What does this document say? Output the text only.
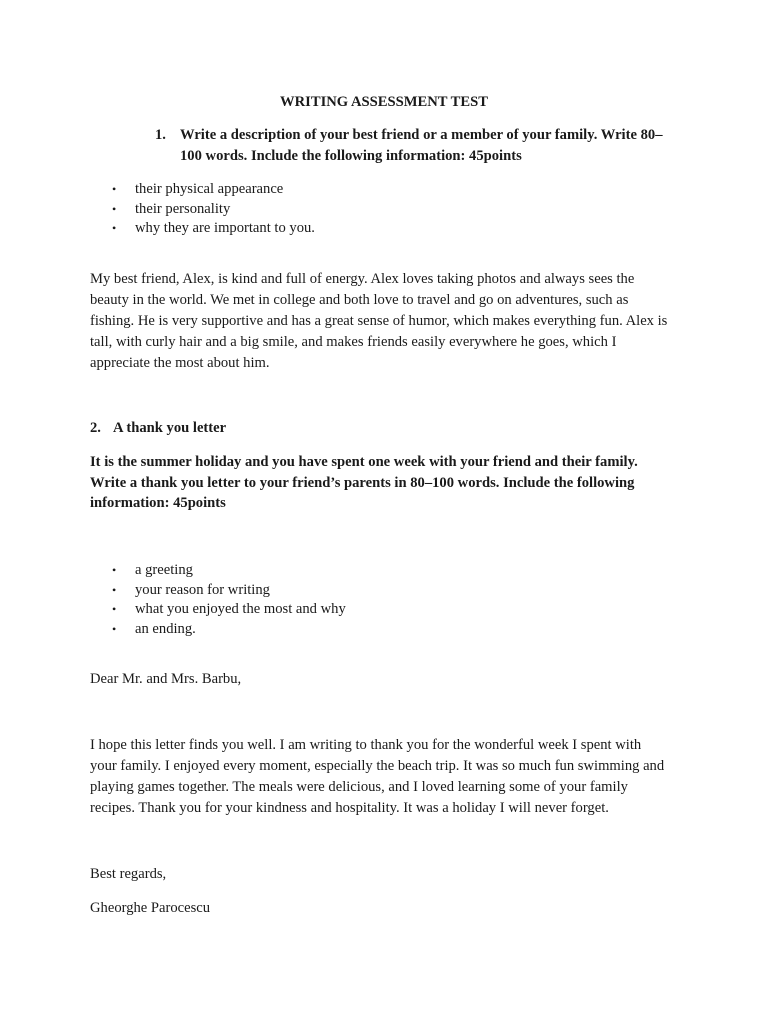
WRITING ASSESSMENT TEST
1. Write a description of your best friend or a member of your family. Write 80–100 words. Include the following information: 45points
• their physical appearance
• their personality
• why they are important to you.
My best friend, Alex, is kind and full of energy. Alex loves taking photos and always sees the beauty in the world. We met in college and both love to travel and go on adventures, such as fishing. He is very supportive and has a great sense of humor, which makes everything fun. Alex is tall, with curly hair and a big smile, and makes friends easily everywhere he goes, which I appreciate the most about him.
2. A thank you letter
It is the summer holiday and you have spent one week with your friend and their family. Write a thank you letter to your friend’s parents in 80–100 words. Include the following information: 45points
• a greeting
• your reason for writing
• what you enjoyed the most and why
• an ending.
Dear Mr. and Mrs. Barbu,
I hope this letter finds you well. I am writing to thank you for the wonderful week I spent with your family. I enjoyed every moment, especially the beach trip. It was so much fun swimming and playing games together. The meals were delicious, and I loved learning some of your family recipes. Thank you for your kindness and hospitality. It was a holiday I will never forget.
Best regards,
Gheorghe Parocescu
